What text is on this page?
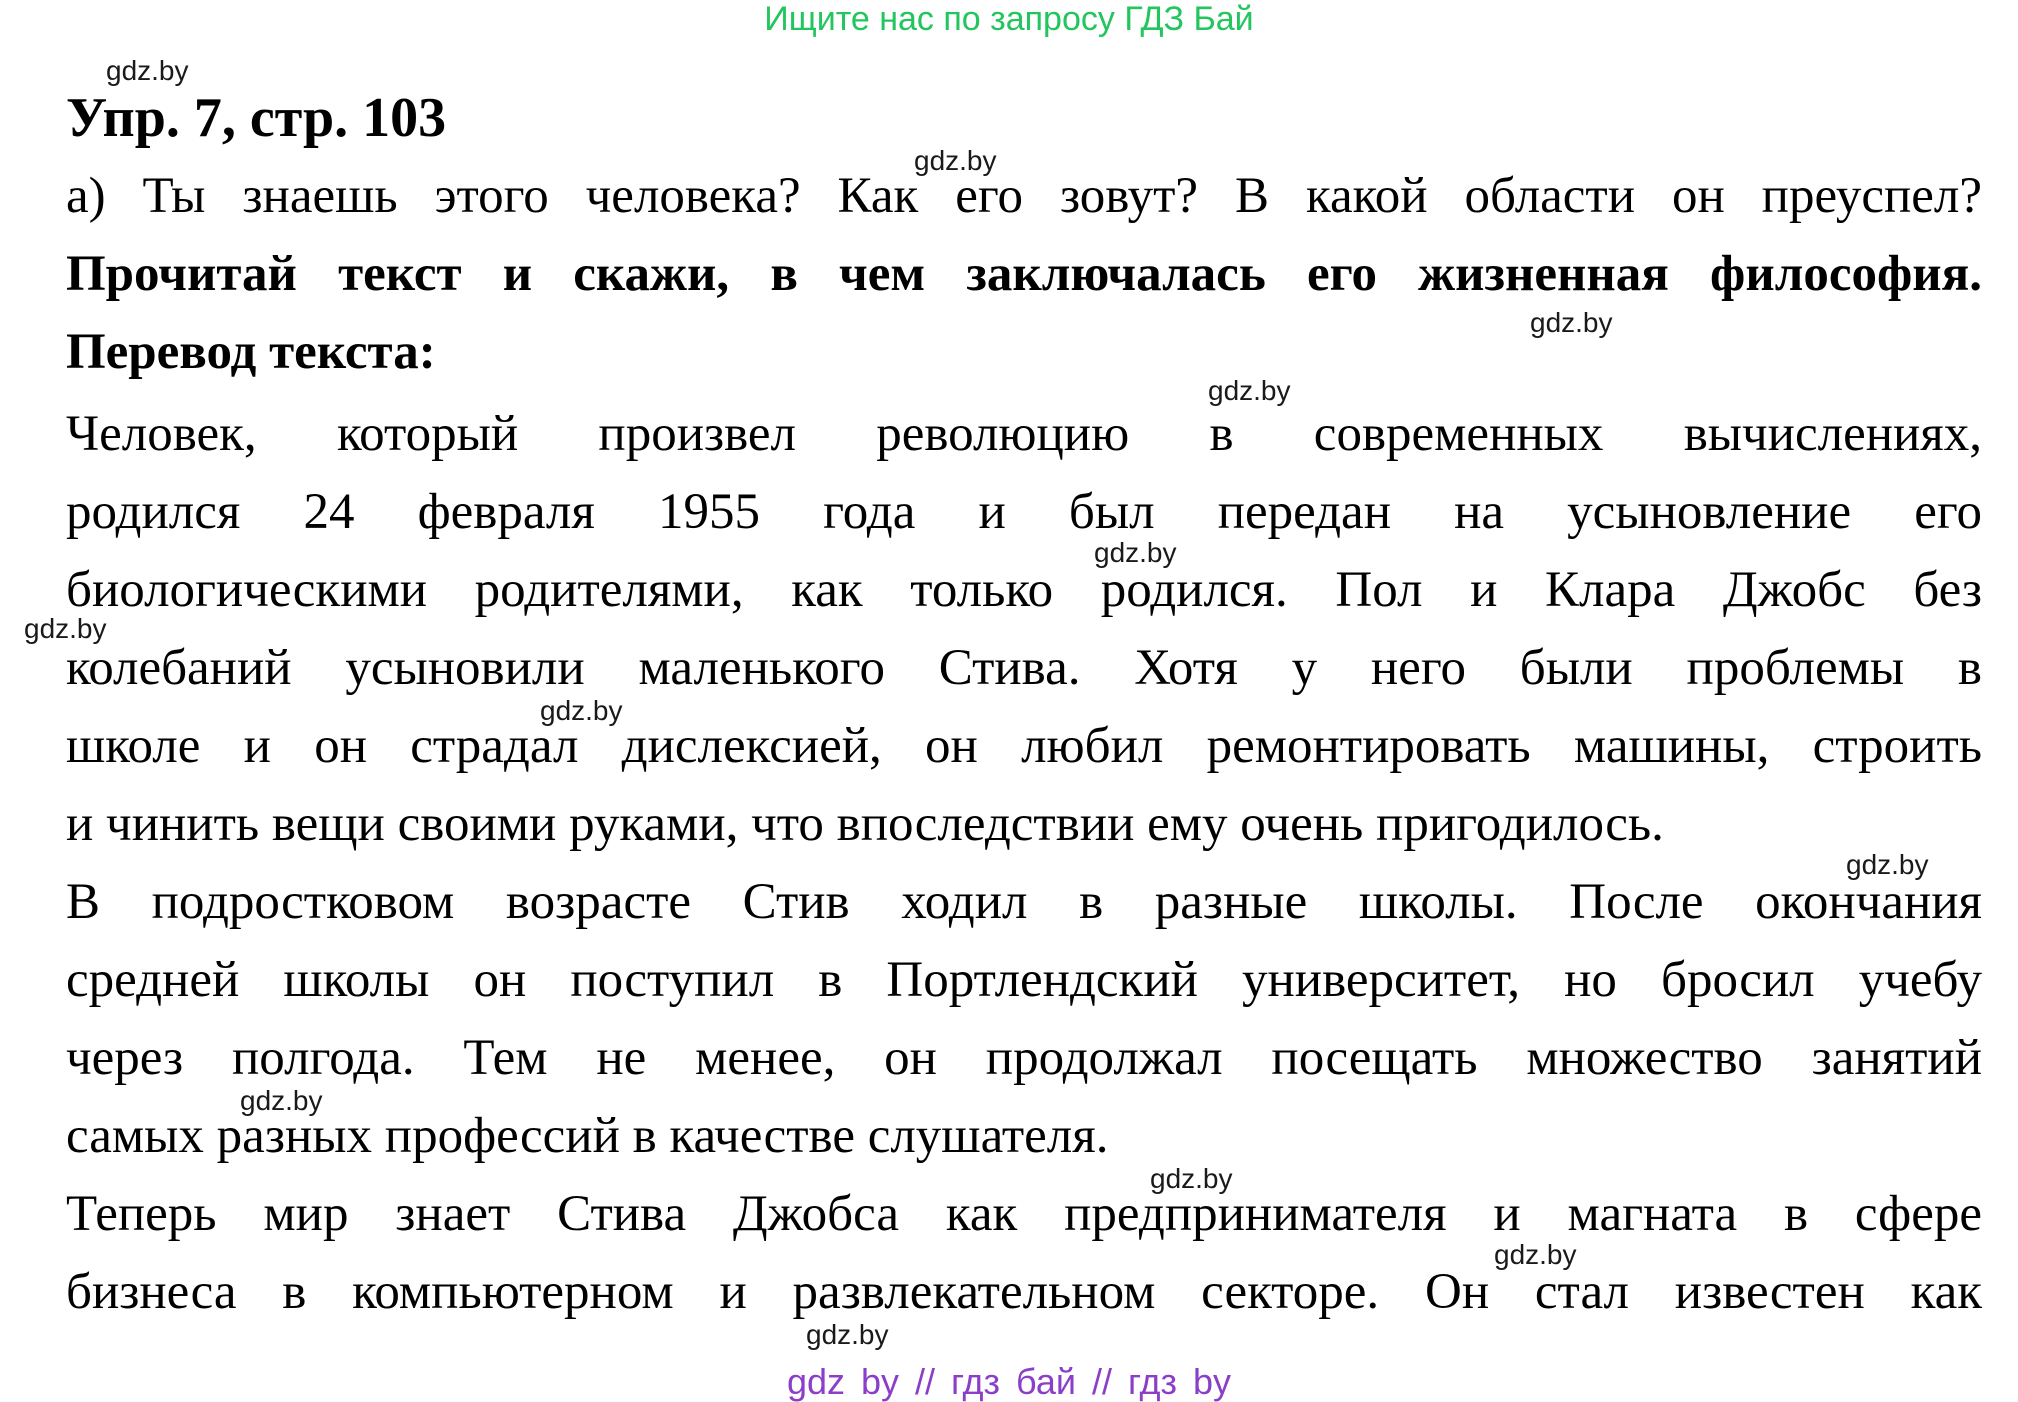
Ищите нас по запросу ГДЗ Бай
gdz by // гдз бай // гдз by
Упр. 7, стр. 103
а) Ты знаешь этого человека? Как его зовут? В какой области он преуспел?
Прочитай текст и скажи, в чем заключалась его жизненная философия.
Перевод текста:
Человек, который произвел революцию в современных вычислениях,
родился 24 февраля 1955 года и был передан на усыновление его
биологическими родителями, как только родился. Пол и Клара Джобс без
колебаний усыновили маленького Стива. Хотя у него были проблемы в
школе и он страдал дислексией, он любил ремонтировать машины, строить
и чинить вещи своими руками, что впоследствии ему очень пригодилось.
В подростковом возрасте Стив ходил в разные школы. После окончания
средней школы он поступил в Портлендский университет, но бросил учебу
через полгода. Тем не менее, он продолжал посещать множество занятий
самых разных профессий в качестве слушателя.
Теперь мир знает Стива Джобса как предпринимателя и магната в сфере
бизнеса в компьютерном и развлекательном секторе. Он стал известен как
gdz.by
gdz.by
gdz.by
gdz.by
gdz.by
gdz.by
gdz.by
gdz.by
gdz.by
gdz.by
gdz.by
gdz.by
